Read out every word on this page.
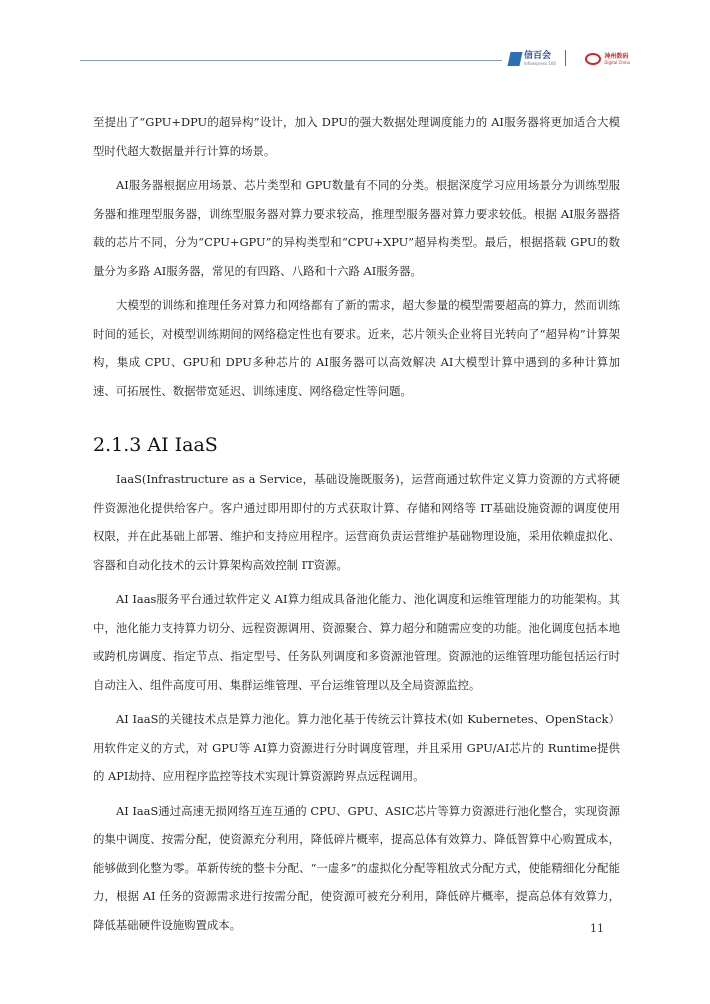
信百会
Infoexpress 100
神州数码
Digital China

至提出了“GPU+DPU的超异构”设计，加入 DPU的强大数据处理调度能力的 AI服务器将更加适合大模型时代超大数据量并行计算的场景。

AI服务器根据应用场景、芯片类型和 GPU数量有不同的分类。根据深度学习应用场景分为训练型服务器和推理型服务器，训练型服务器对算力要求较高，推理型服务器对算力要求较低。根据 AI服务器搭载的芯片不同，分为“CPU+GPU”的异构类型和“CPU+XPU”超异构类型。最后，根据搭载 GPU的数量分为多路 AI服务器，常见的有四路、八路和十六路 AI服务器。

大模型的训练和推理任务对算力和网络都有了新的需求，超大参量的模型需要超高的算力，然而训练时间的延长，对模型训练期间的网络稳定性也有要求。近来，芯片领头企业将目光转向了“超异构”计算架构，集成 CPU、GPU和 DPU多种芯片的 AI服务器可以高效解决 AI大模型计算中遇到的多种计算加速、可拓展性、数据带宽延迟、训练速度、网络稳定性等问题。

2.1.3 AI IaaS

IaaS(Infrastructure as a Service，基础设施既服务)，运营商通过软件定义算力资源的方式将硬件资源池化提供给客户。客户通过即用即付的方式获取计算、存储和网络等 IT基础设施资源的调度使用权限，并在此基础上部署、维护和支持应用程序。运营商负责运营维护基础物理设施，采用依赖虚拟化、容器和自动化技术的云计算架构高效控制 IT资源。

AI Iaas服务平台通过软件定义 AI算力组成具备池化能力、池化调度和运维管理能力的功能架构。其中，池化能力支持算力切分、远程资源调用、资源聚合、算力超分和随需应变的功能。池化调度包括本地或跨机房调度、指定节点、指定型号、任务队列调度和多资源池管理。资源池的运维管理功能包括运行时自动注入、组件高度可用、集群运维管理、平台运维管理以及全局资源监控。

AI IaaS的关键技术点是算力池化。算力池化基于传统云计算技术(如 Kubernetes、OpenStack）用软件定义的方式，对 GPU等 AI算力资源进行分时调度管理，并且采用 GPU/AI芯片的 Runtime提供的 API劫持、应用程序监控等技术实现计算资源跨界点远程调用。

AI IaaS通过高速无损网络互连互通的 CPU、GPU、ASIC芯片等算力资源进行池化整合，实现资源的集中调度、按需分配，使资源充分利用，降低碎片概率，提高总体有效算力、降低智算中心购置成本，能够做到化整为零。革新传统的整卡分配、“一虚多”的虚拟化分配等粗放式分配方式，使能精细化分配能力，根据 AI 任务的资源需求进行按需分配，使资源可被充分利用，降低碎片概率，提高总体有效算力，降低基础硬件设施购置成本。	11
